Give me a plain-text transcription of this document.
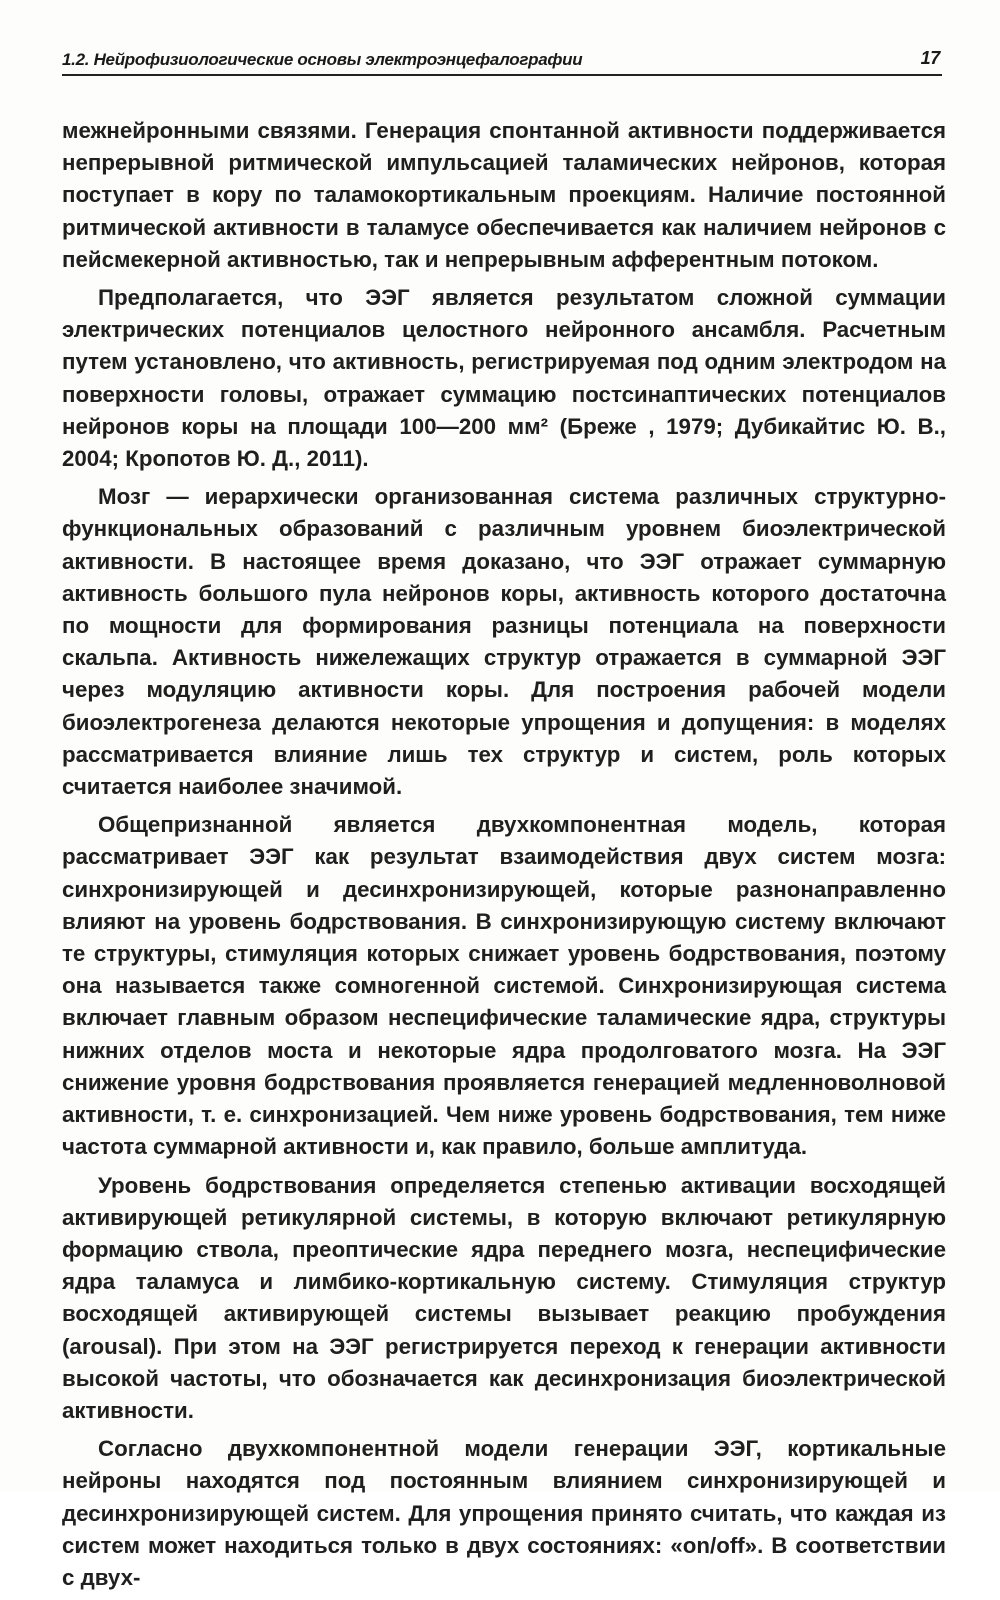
1.2. Нейрофизиологические основы электроэнцефалографии	17

межнейронными связями. Генерация спонтанной активности поддерживается непрерывной ритмической импульсацией таламических нейронов, которая поступает в кору по таламокортикальным проекциям. Наличие постоянной ритмической активности в таламусе обеспечивается как наличием нейронов с пейсмекерной активностью, так и непрерывным афферентным потоком.

Предполагается, что ЭЭГ является результатом сложной суммации электрических потенциалов целостного нейронного ансамбля. Расчетным путем установлено, что активность, регистрируемая под одним электродом на поверхности головы, отражает суммацию постсинаптических потенциалов нейронов коры на площади 100—200 мм² (Бреже , 1979; Дубикайтис Ю. В., 2004; Кропотов Ю. Д., 2011).

Мозг — иерархически организованная система различных структурно-функциональных образований с различным уровнем биоэлектрической активности. В настоящее время доказано, что ЭЭГ отражает суммарную активность большого пула нейронов коры, активность которого достаточна по мощности для формирования разницы потенциала на поверхности скальпа. Активность нижележащих структур отражается в суммарной ЭЭГ через модуляцию активности коры. Для построения рабочей модели биоэлектрогенеза делаются некоторые упрощения и допущения: в моделях рассматривается влияние лишь тех структур и систем, роль которых считается наиболее значимой.

Общепризнанной является двухкомпонентная модель, которая рассматривает ЭЭГ как результат взаимодействия двух систем мозга: синхронизирующей и десинхронизирующей, которые разнонаправленно влияют на уровень бодрствования. В синхронизирующую систему включают те структуры, стимуляция которых снижает уровень бодрствования, поэтому она называется также сомногенной системой. Синхронизирующая система включает главным образом неспецифические таламические ядра, структуры нижних отделов моста и некоторые ядра продолговатого мозга. На ЭЭГ снижение уровня бодрствования проявляется генерацией медленноволновой активности, т. е. синхронизацией. Чем ниже уровень бодрствования, тем ниже частота суммарной активности и, как правило, больше амплитуда.

Уровень бодрствования определяется степенью активации восходящей активирующей ретикулярной системы, в которую включают ретикулярную формацию ствола, преоптические ядра переднего мозга, неспецифические ядра таламуса и лимбико-кортикальную систему. Стимуляция структур восходящей активирующей системы вызывает реакцию пробуждения (arousal). При этом на ЭЭГ регистрируется переход к генерации активности высокой частоты, что обозначается как десинхронизация биоэлектрической активности.

Согласно двухкомпонентной модели генерации ЭЭГ, кортикальные нейроны находятся под постоянным влиянием синхронизирующей и десинхронизирующей систем. Для упрощения принято считать, что каждая из систем может находиться только в двух состояниях: «on/off». В соответствии с двух-
